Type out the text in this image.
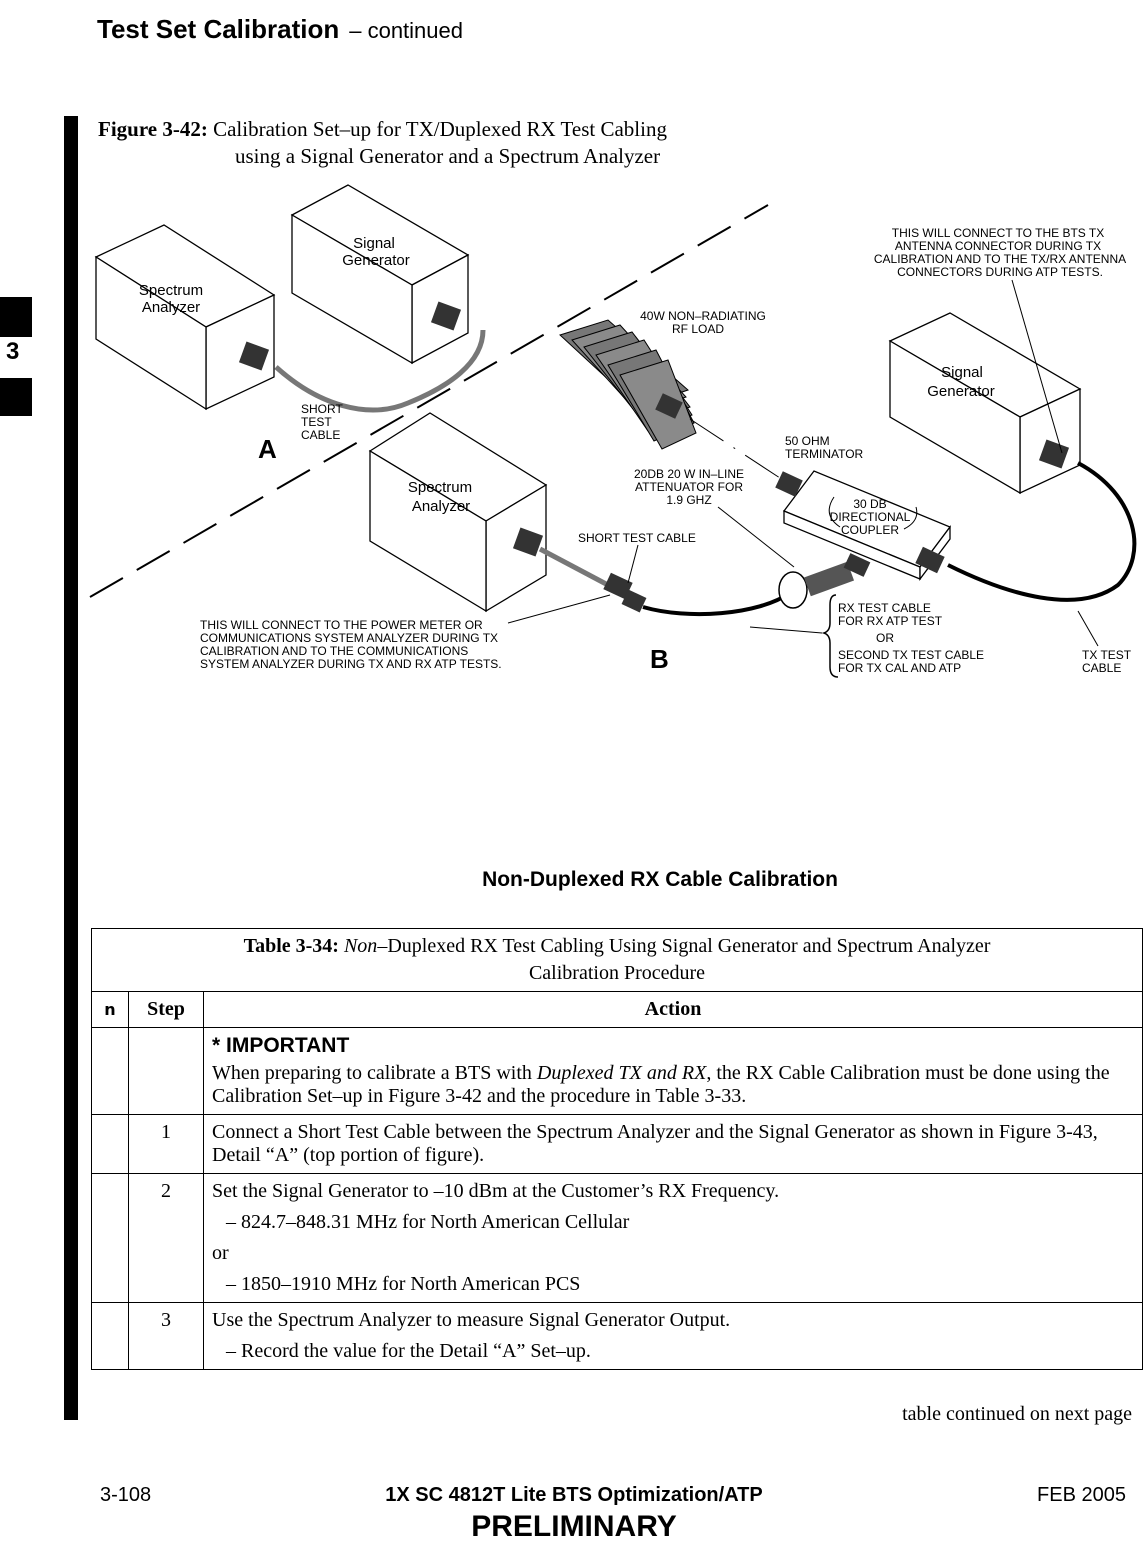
Test Set Calibration – continued
3
Figure 3-42: Calibration Set–up for TX/Duplexed RX Test Cabling
using a Signal Generator and a Spectrum Analyzer
Spectrum
Analyzer
Signal
Generator
SHORT
TEST
CABLE
A
40W NON–RADIATING
RF LOAD
Signal
Generator
THIS WILL CONNECT TO THE BTS TX
ANTENNA CONNECTOR DURING TX
CALIBRATION AND TO THE TX/RX ANTENNA
CONNECTORS DURING ATP TESTS.
Spectrum
Analyzer
SHORT TEST CABLE
20DB 20 W IN–LINE
ATTENUATOR FOR
1.9 GHZ
50 OHM
TERMINATOR
30 DB
DIRECTIONAL
COUPLER
TX TEST
CABLE
RX TEST CABLE
FOR RX ATP TEST
OR
SECOND TX TEST CABLE
FOR TX CAL AND ATP
THIS WILL CONNECT TO THE POWER METER OR
COMMUNICATIONS SYSTEM ANALYZER DURING TX
CALIBRATION AND TO THE COMMUNICATIONS
SYSTEM ANALYZER DURING TX AND RX ATP TESTS.	B
Non-Duplexed RX Cable Calibration
Table 3-34: Non–Duplexed RX Test Cabling Using Signal Generator and Spectrum Analyzer
Calibration Procedure		
n	Step	Action

		* IMPORTANT
When preparing to calibrate a BTS with Duplexed TX and RX, the RX Cable Calibration must be done using the Calibration Set–up in Figure 3-42 and the procedure in Table 3-33.
	1	Connect a Short Test Cable between the Spectrum Analyzer and the Signal Generator as shown in Figure 3-43, Detail “A” (top portion of figure).
	2	Set the Signal Generator to –10 dBm at the Customer’s RX Frequency.
– 824.7–848.31 MHz for North American Cellular
or
– 1850–1910 MHz for North American PCS

	3	Use the Spectrum Analyzer to measure Signal Generator Output.
– Record the value for the Detail “A” Set–up.
table continued on next page
3-108	1X SC 4812T Lite BTS Optimization/ATP	FEB 2005
PRELIMINARY
